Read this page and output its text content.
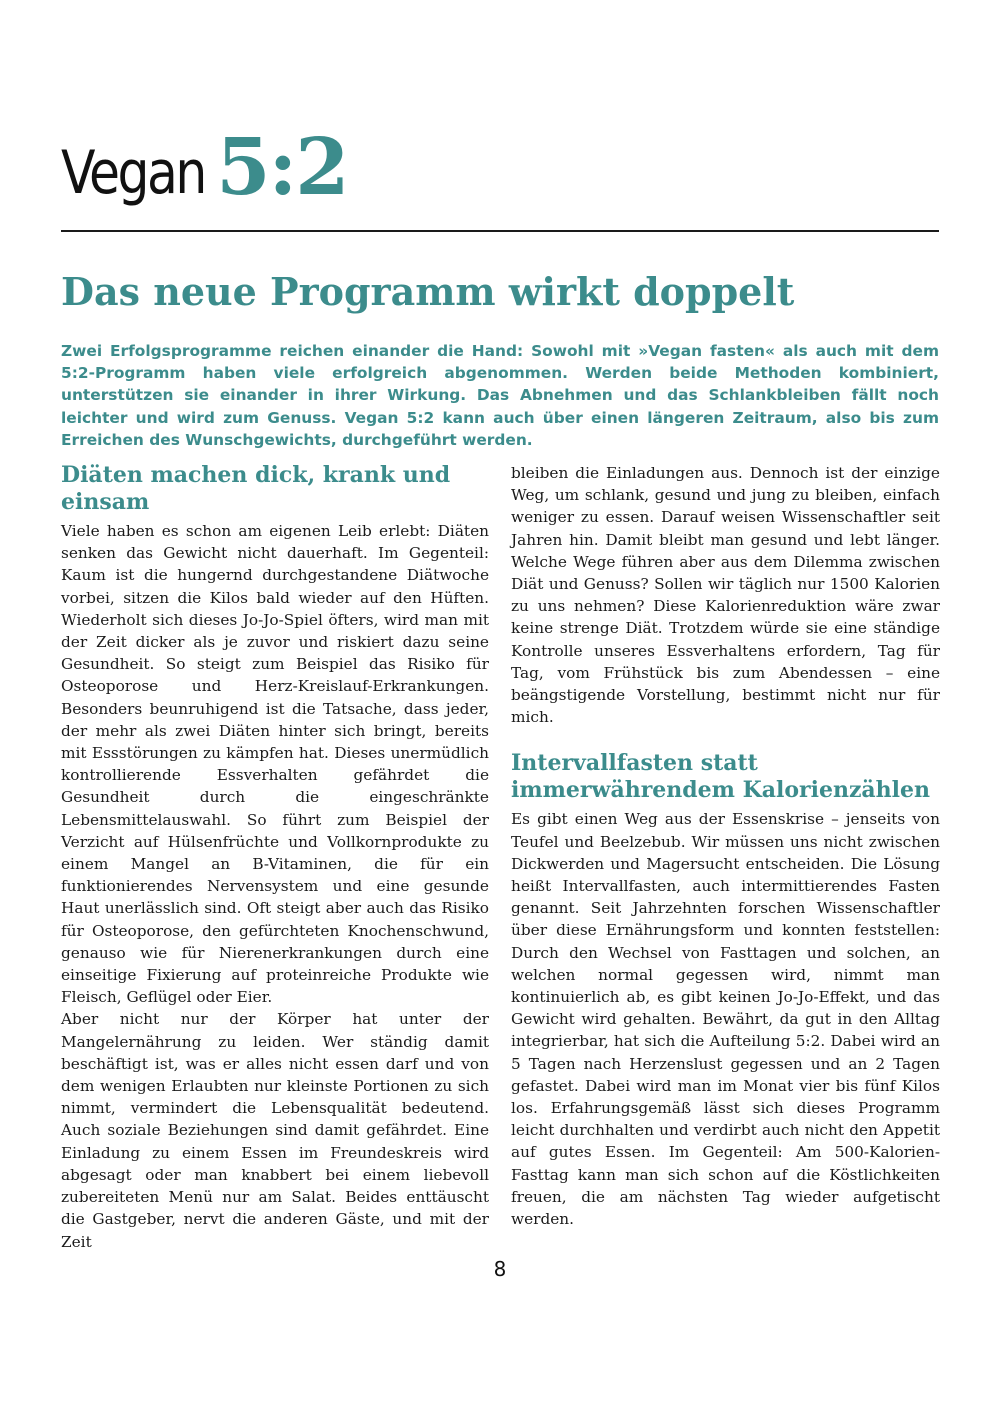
Vegan 5:2
Das neue Programm wirkt doppelt

Zwei Erfolgsprogramme reichen einander die Hand: Sowohl mit »Vegan fasten« als auch mit dem 5:2-Programm haben viele erfolgreich abgenommen. Werden beide Methoden kombiniert, unterstützen sie einander in ihrer Wirkung. Das Abnehmen und das Schlankbleiben fällt noch leichter und wird zum Genuss. Vegan 5:2 kann auch über einen längeren Zeitraum, also bis zum Erreichen des Wunschgewichts, durchgeführt werden.

Diäten machen dick, krank und einsam

Viele haben es schon am eigenen Leib erlebt: Diäten senken das Gewicht nicht dauerhaft. Im Gegenteil: Kaum ist die hungernd durchgestandene Diätwoche vorbei, sitzen die Kilos bald wieder auf den Hüften. Wiederholt sich dieses Jo-Jo-Spiel öfters, wird man mit der Zeit dicker als je zuvor und riskiert dazu seine Gesundheit. So steigt zum Beispiel das Risiko für Osteoporose und Herz-Kreislauf-Erkrankungen. Besonders beunruhigend ist die Tatsache, dass jeder, der mehr als zwei Diäten hinter sich bringt, bereits mit Essstörungen zu kämpfen hat. Dieses unermüdlich kontrollierende Essverhalten gefährdet die Gesundheit durch die eingeschränkte Lebensmittelauswahl. So führt zum Beispiel der Verzicht auf Hülsenfrüchte und Vollkornprodukte zu einem Mangel an B-Vitaminen, die für ein funktionierendes Nervensystem und eine gesunde Haut unerlässlich sind. Oft steigt aber auch das Risiko für Osteoporose, den gefürchteten Knochenschwund, genauso wie für Nierenerkrankungen durch eine einseitige Fixierung auf proteinreiche Produkte wie Fleisch, Geflügel oder Eier.

Aber nicht nur der Körper hat unter der Mangelernährung zu leiden. Wer ständig damit beschäftigt ist, was er alles nicht essen darf und von dem wenigen Erlaubten nur kleinste Portionen zu sich nimmt, vermindert die Lebensqualität bedeutend. Auch soziale Beziehungen sind damit gefährdet. Eine Einladung zu einem Essen im Freundeskreis wird abgesagt oder man knabbert bei einem liebevoll zubereiteten Menü nur am Salat. Beides enttäuscht die Gastgeber, nervt die anderen Gäste, und mit der Zeit

bleiben die Einladungen aus. Dennoch ist der einzige Weg, um schlank, gesund und jung zu bleiben, einfach weniger zu essen. Darauf weisen Wissenschaftler seit Jahren hin. Damit bleibt man gesund und lebt länger. Welche Wege führen aber aus dem Dilemma zwischen Diät und Genuss? Sollen wir täglich nur 1500 Kalorien zu uns nehmen? Diese Kalorienreduktion wäre zwar keine strenge Diät. Trotzdem würde sie eine ständige Kontrolle unseres Essverhaltens erfordern, Tag für Tag, vom Frühstück bis zum Abendessen – eine beängstigende Vorstellung, bestimmt nicht nur für mich.

Intervallfasten statt immerwährendem Kalorienzählen

Es gibt einen Weg aus der Essenskrise – jenseits von Teufel und Beelzebub. Wir müssen uns nicht zwischen Dickwerden und Magersucht entscheiden. Die Lösung heißt Intervallfasten, auch intermittierendes Fasten genannt. Seit Jahrzehnten forschen Wissenschaftler über diese Ernährungsform und konnten feststellen: Durch den Wechsel von Fasttagen und solchen, an welchen normal gegessen wird, nimmt man kontinuierlich ab, es gibt keinen Jo-Jo-Effekt, und das Gewicht wird gehalten. Bewährt, da gut in den Alltag integrierbar, hat sich die Aufteilung 5:2. Dabei wird an 5 Tagen nach Herzenslust gegessen und an 2 Tagen gefastet. Dabei wird man im Monat vier bis fünf Kilos los. Erfahrungsgemäß lässt sich dieses Programm leicht durchhalten und verdirbt auch nicht den Appetit auf gutes Essen. Im Gegenteil: Am 500-Kalorien-Fasttag kann man sich schon auf die Köstlichkeiten freuen, die am nächsten Tag wieder aufgetischt werden.

8
